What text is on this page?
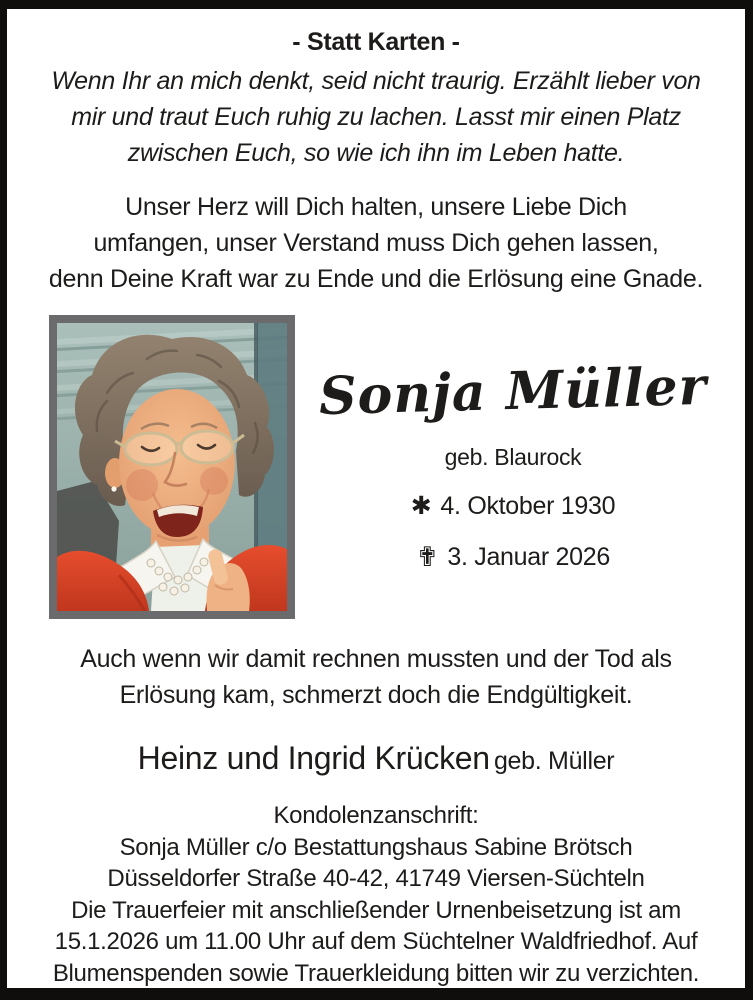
- Statt Karten -
Wenn Ihr an mich denkt, seid nicht traurig. Erzählt lieber von
mir und traut Euch ruhig zu lachen. Lasst mir einen Platz
zwischen Euch, so wie ich ihn im Leben hatte.
Unser Herz will Dich halten, unsere Liebe Dich
umfangen, unser Verstand muss Dich gehen lassen,
denn Deine Kraft war zu Ende und die Erlösung eine Gnade.
Sonja Müller
geb. Blaurock
✱ 4. Oktober 1930
✟ 3. Januar 2026
Auch wenn wir damit rechnen mussten und der Tod als
Erlösung kam, schmerzt doch die Endgültigkeit.
Heinz und Ingrid Krücken geb. Müller
Kondolenzanschrift:
Sonja Müller c/o Bestattungshaus Sabine Brötsch
Düsseldorfer Straße 40-42, 41749 Viersen-Süchteln
Die Trauerfeier mit anschließender Urnenbeisetzung ist am
15.1.2026 um 11.00 Uhr auf dem Süchtelner Waldfriedhof. Auf
Blumenspenden sowie Trauerkleidung bitten wir zu verzichten.
